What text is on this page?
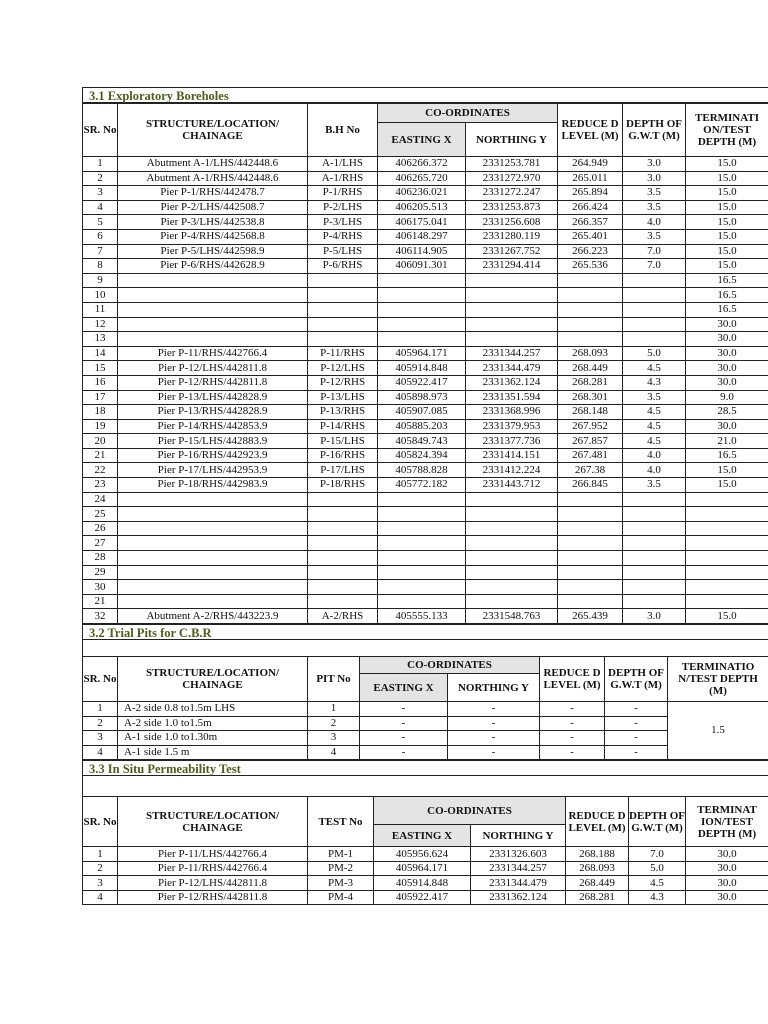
3.1 Exploratory Boreholes
SR. No	STRUCTURE/LOCATION/ CHAINAGE	B.H No	CO-ORDINATES		REDUCE D LEVEL (M)	DEPTH OF G.W.T (M)	TERMINATI ON/TEST DEPTH (M)
			EASTING X	NORTHING Y			
1	Abutment A-1/LHS/442448.6	A-1/LHS	406266.372	2331253.781	264.949	3.0	15.0
2	Abutment A-1/RHS/442448.6	A-1/RHS	406265.720	2331272.970	265.011	3.0	15.0
3	Pier P-1/RHS/442478.7	P-1/RHS	406236.021	2331272.247	265.894	3.5	15.0
4	Pier P-2/LHS/442508.7	P-2/LHS	406205.513	2331253.873	266.424	3.5	15.0
5	Pier P-3/LHS/442538.8	P-3/LHS	406175.041	2331256.608	266.357	4.0	15.0
6	Pier P-4/RHS/442568.8	P-4/RHS	406148.297	2331280.119	265.401	3.5	15.0
7	Pier P-5/LHS/442598.9	P-5/LHS	406114.905	2331267.752	266.223	7.0	15.0
8	Pier P-6/RHS/442628.9	P-6/RHS	406091.301	2331294.414	265.536	7.0	15.0
9							16.5
10							16.5
11							16.5
12							30.0
13							30.0
14	Pier P-11/RHS/442766.4	P-11/RHS	405964.171	2331344.257	268.093	5.0	30.0
15	Pier P-12/LHS/442811.8	P-12/LHS	405914.848	2331344.479	268.449	4.5	30.0
16	Pier P-12/RHS/442811.8	P-12/RHS	405922.417	2331362.124	268.281	4.3	30.0
17	Pier P-13/LHS/442828.9	P-13/LHS	405898.973	2331351.594	268.301	3.5	9.0
18	Pier P-13/RHS/442828.9	P-13/RHS	405907.085	2331368.996	268.148	4.5	28.5
19	Pier P-14/RHS/442853.9	P-14/RHS	405885.203	2331379.953	267.952	4.5	30.0
20	Pier P-15/LHS/442883.9	P-15/LHS	405849.743	2331377.736	267.857	4.5	21.0
21	Pier P-16/RHS/442923.9	P-16/RHS	405824.394	2331414.151	267.481	4.0	16.5
22	Pier P-17/LHS/442953.9	P-17/LHS	405788.828	2331412.224	267.38	4.0	15.0
23	Pier P-18/RHS/442983.9	P-18/RHS	405772.182	2331443.712	266.845	3.5	15.0
24							
25							
26							
27							
28							
29							
30							
21							
32	Abutment A-2/RHS/443223.9	A-2/RHS	405555.133	2331548.763	265.439	3.0	15.0
3.2 Trial Pits for C.B.R
SR. No	STRUCTURE/LOCATION/ CHAINAGE	PIT No	CO-ORDINATES		REDUCE D LEVEL (M)	DEPTH OF G.W.T (M)	TERMINATIO N/TEST DEPTH (M)
			EASTING X	NORTHING Y			
1	A-2 side 0.8 to1.5m LHS	1	-	-	-	-	1.5
2	A-2 side 1.0 to1.5m	2	-	-	-	-	
3	A-1 side 1.0 to1.30m	3	-	-	-	-	
4	A-1 side 1.5 m	4	-	-	-	-	
3.3 In Situ Permeability Test
SR. No	STRUCTURE/LOCATION/ CHAINAGE	TEST No	CO-ORDINATES		REDUCE D LEVEL (M)	DEPTH OF G.W.T (M)	TERMINAT ION/TEST DEPTH (M)
			EASTING X	NORTHING Y			
1	Pier P-11/LHS/442766.4	PM-1	405956.624	2331326.603	268.188	7.0	30.0
2	Pier P-11/RHS/442766.4	PM-2	405964.171	2331344.257	268.093	5.0	30.0
3	Pier P-12/LHS/442811.8	PM-3	405914.848	2331344.479	268.449	4.5	30.0
4	Pier P-12/RHS/442811.8	PM-4	405922.417	2331362.124	268.281	4.3	30.0
